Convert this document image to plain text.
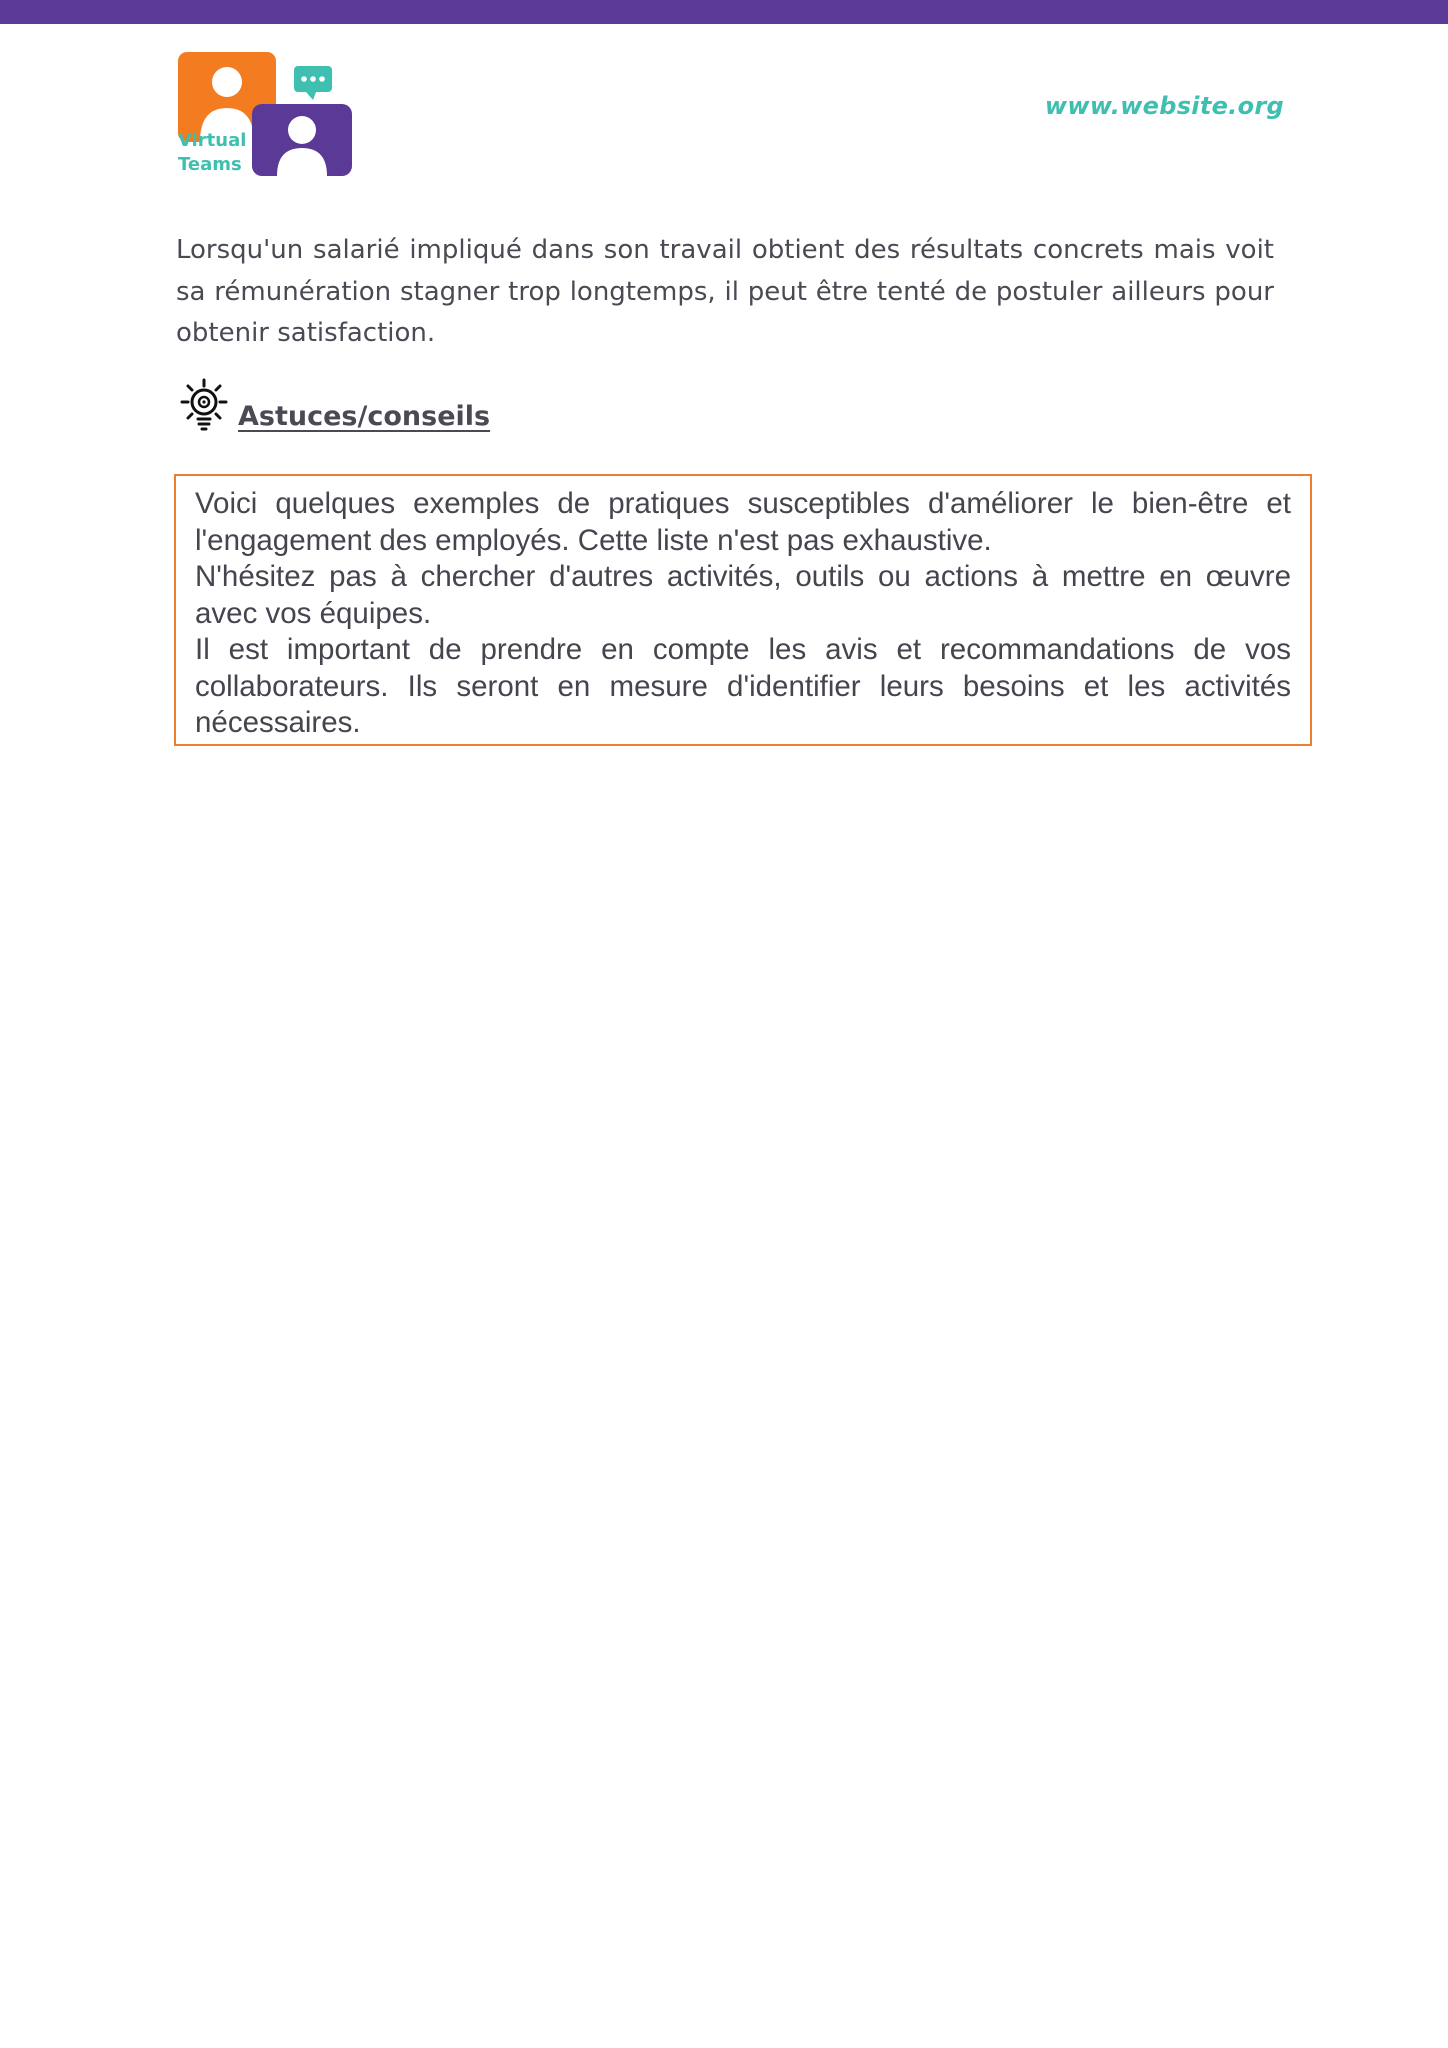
Virtual
Teams
www.website.org

Lorsqu'un salarié impliqué dans son travail obtient des résultats concrets mais voit sa rémunération stagner trop longtemps, il peut être tenté de postuler ailleurs pour obtenir satisfaction.

Astuces/conseils

Voici quelques exemples de pratiques susceptibles d'améliorer le bien-être et l'engagement des employés. Cette liste n'est pas exhaustive.

N'hésitez pas à chercher d'autres activités, outils ou actions à mettre en œuvre avec vos équipes.

Il est important de prendre en compte les avis et recommandations de vos collaborateurs. Ils seront en mesure d'identifier leurs besoins et les activités nécessaires.
